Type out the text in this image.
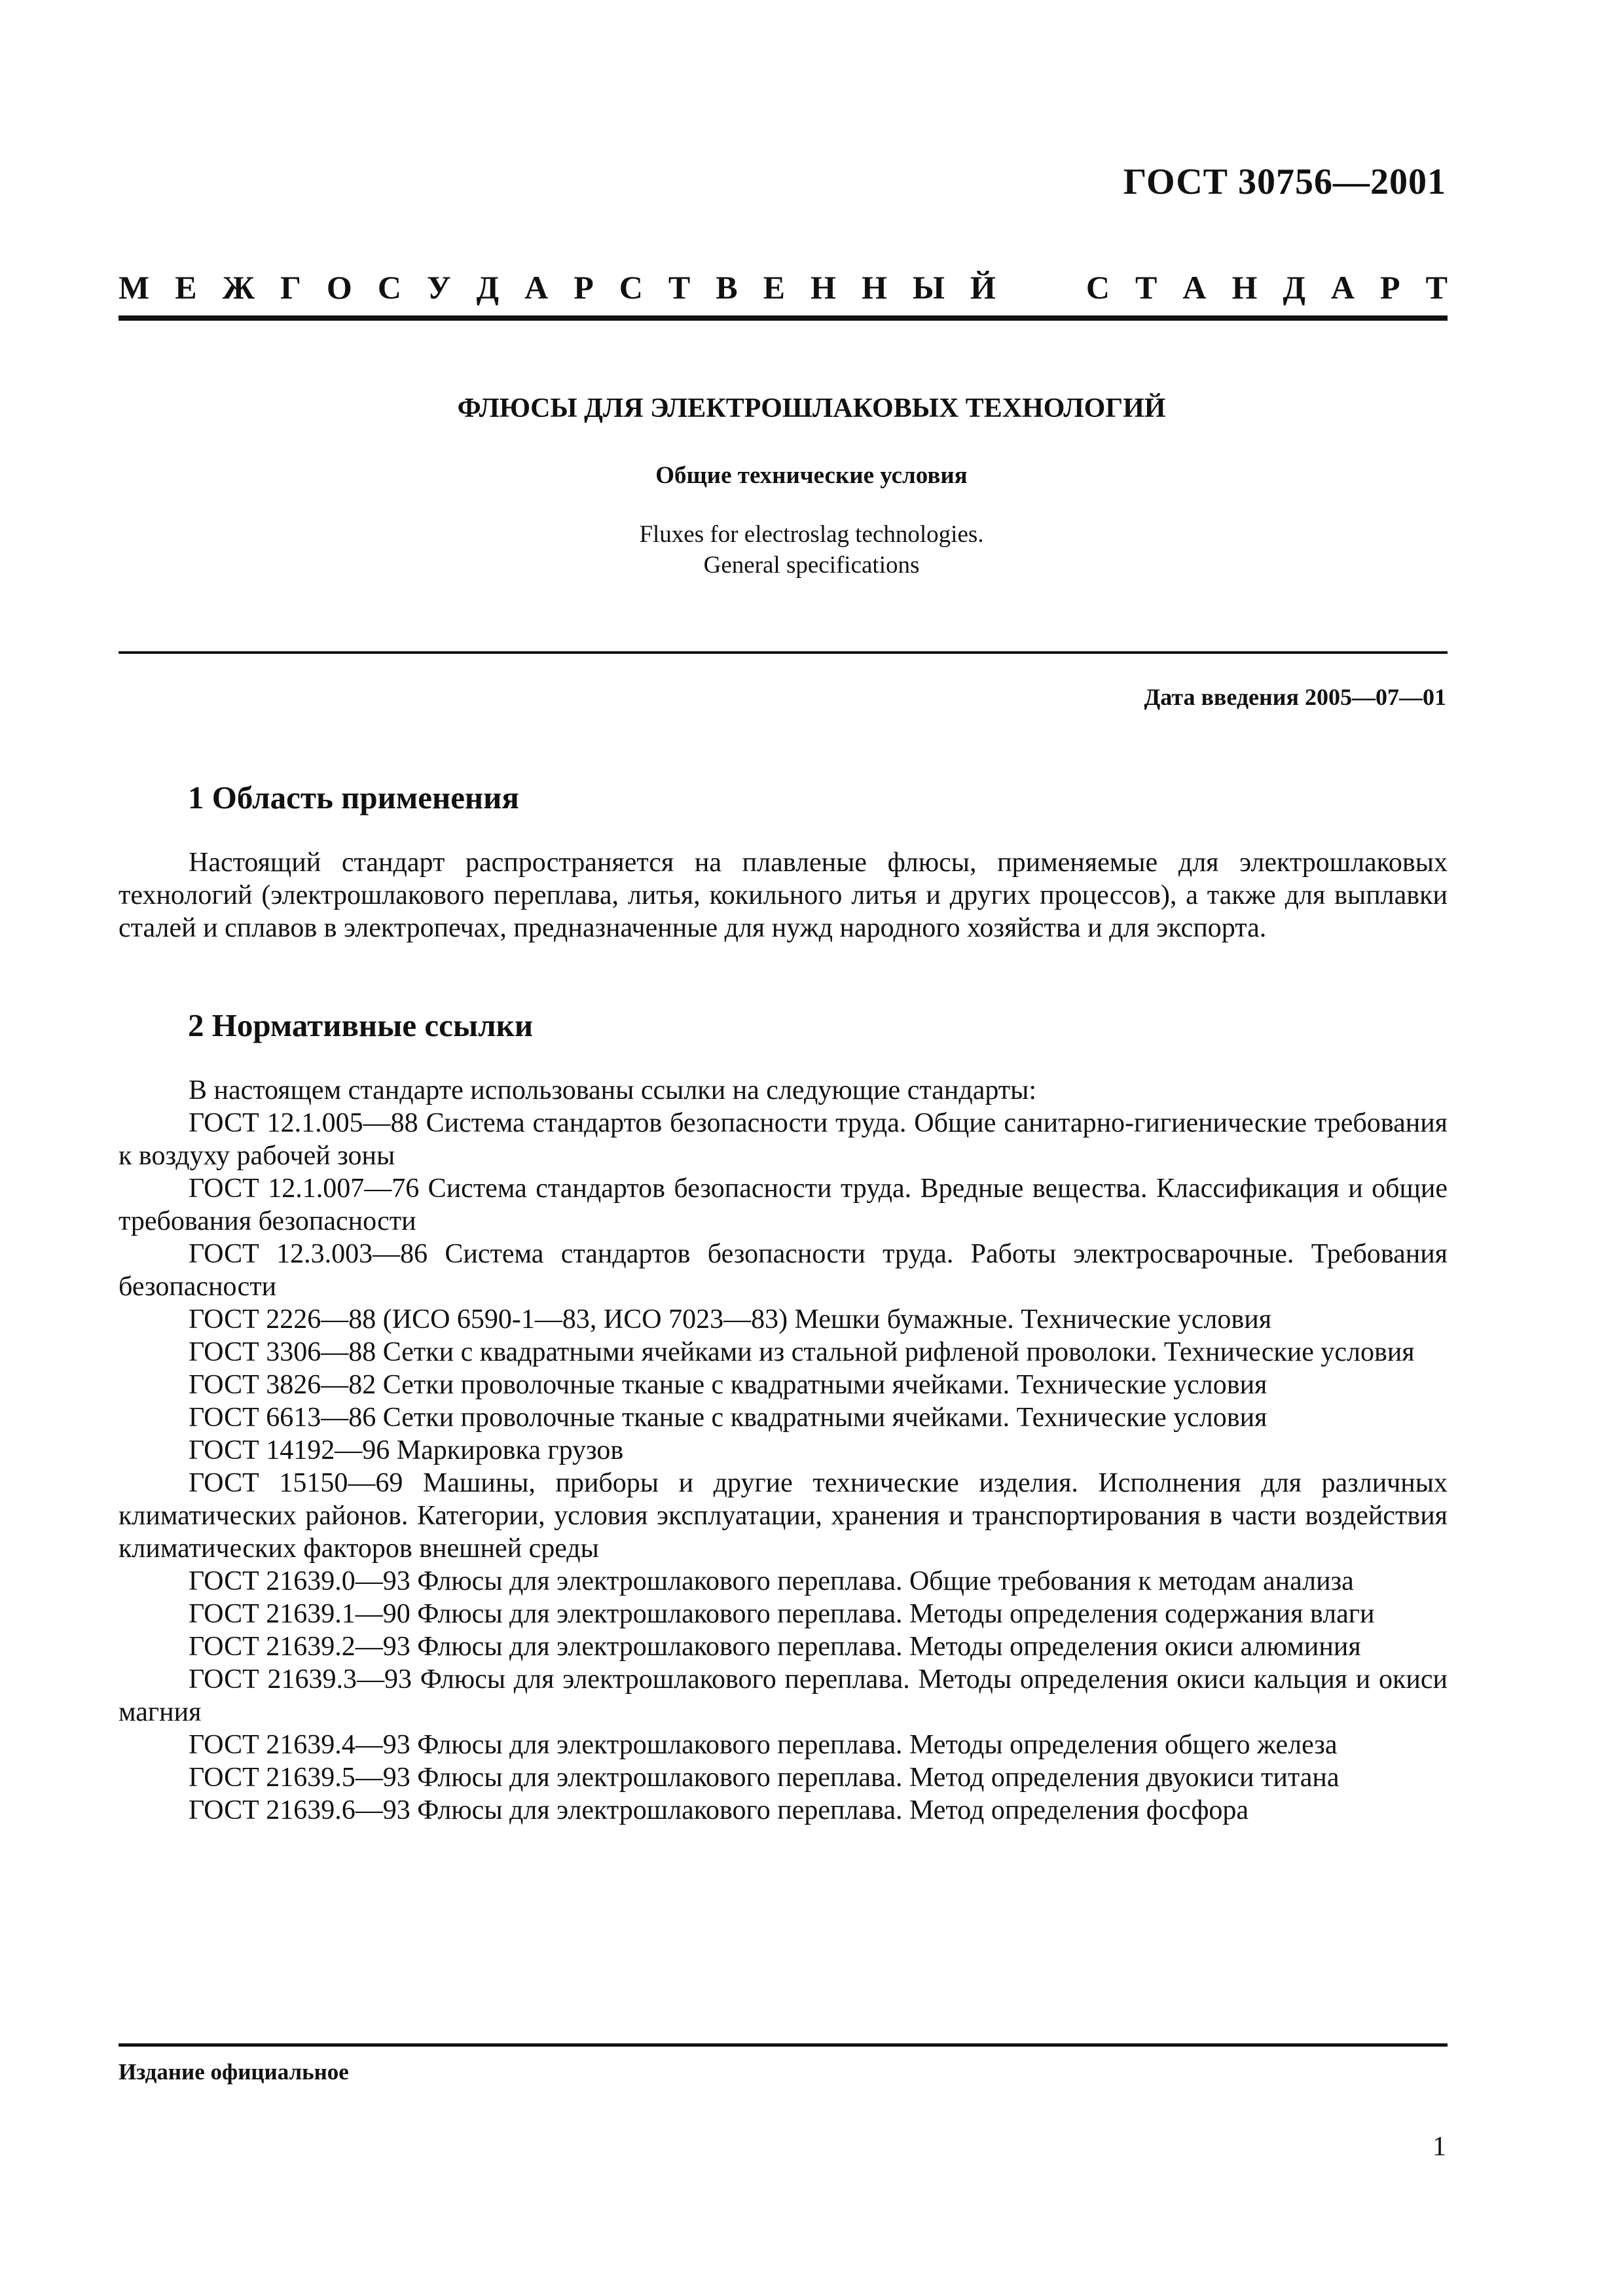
ГОСТ 30756—2001
М Е Ж Г О С У Д А Р С Т В Е Н Н Ы Й	С Т А Н Д А Р Т
ФЛЮСЫ ДЛЯ ЭЛЕКТРОШЛАКОВЫХ ТЕХНОЛОГИЙ
Общие технические условия
Fluxes for electroslag technologies.
General specifications
Дата введения 2005—07—01
1 Область применения

Настоящий стандарт распространяется на плавленые флюсы, применяемые для электрошлаковых технологий (электрошлакового переплава, литья, кокильного литья и других процессов), а также для выплавки сталей и сплавов в электропечах, предназначенные для нужд народного хозяйства и для экспорта.

2 Нормативные ссылки

В настоящем стандарте использованы ссылки на следующие стандарты:

ГОСТ 12.1.005—88 Система стандартов безопасности труда. Общие санитарно-гигиенические требования к воздуху рабочей зоны

ГОСТ 12.1.007—76 Система стандартов безопасности труда. Вредные вещества. Классификация и общие требования безопасности

ГОСТ 12.3.003—86 Система стандартов безопасности труда. Работы электросварочные. Требования безопасности

ГОСТ 2226—88 (ИСО 6590-1—83, ИСО 7023—83) Мешки бумажные. Технические условия

ГОСТ 3306—88 Сетки с квадратными ячейками из стальной рифленой проволоки. Технические условия

ГОСТ 3826—82 Сетки проволочные тканые с квадратными ячейками. Технические условия

ГОСТ 6613—86 Сетки проволочные тканые с квадратными ячейками. Технические условия

ГОСТ 14192—96 Маркировка грузов

ГОСТ 15150—69 Машины, приборы и другие технические изделия. Исполнения для различных климатических районов. Категории, условия эксплуатации, хранения и транспортирования в части воздействия климатических факторов внешней среды

ГОСТ 21639.0—93 Флюсы для электрошлакового переплава. Общие требования к методам анализа

ГОСТ 21639.1—90 Флюсы для электрошлакового переплава. Методы определения содержания влаги

ГОСТ 21639.2—93 Флюсы для электрошлакового переплава. Методы определения окиси алюминия

ГОСТ 21639.3—93 Флюсы для электрошлакового переплава. Методы определения окиси кальция и окиси магния

ГОСТ 21639.4—93 Флюсы для электрошлакового переплава. Методы определения общего железа

ГОСТ 21639.5—93 Флюсы для электрошлакового переплава. Метод определения двуокиси титана

ГОСТ 21639.6—93 Флюсы для электрошлакового переплава. Метод определения фосфора

Издание официальное
1
